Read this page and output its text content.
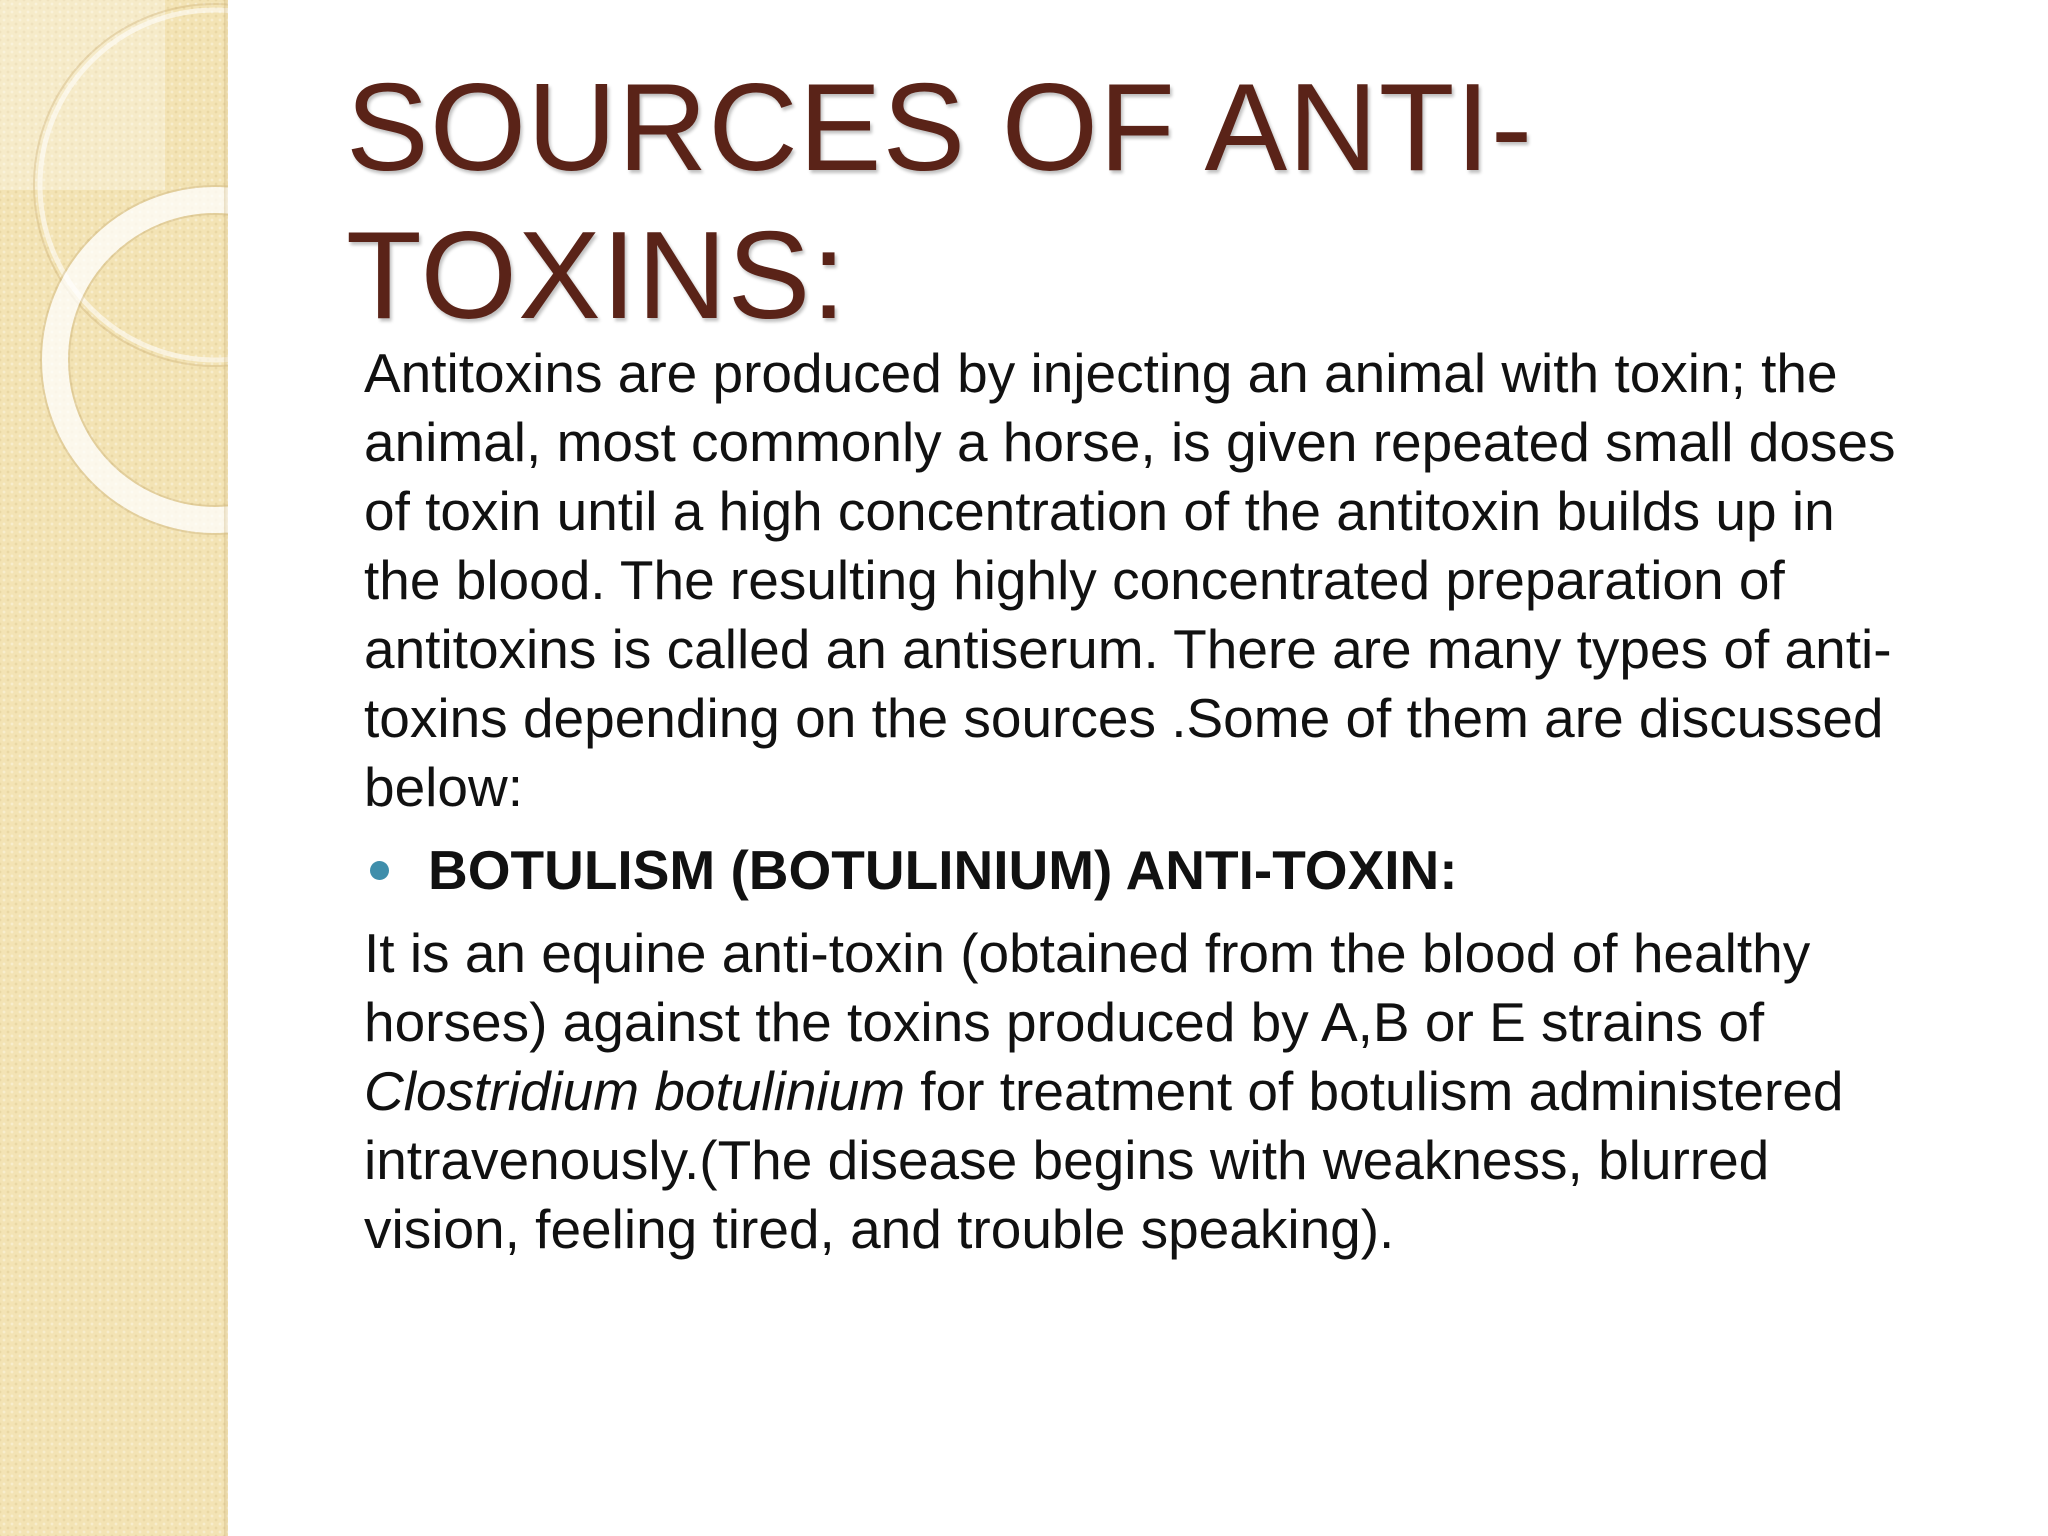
SOURCES OF ANTI-
TOXINS:

Antitoxins are produced by injecting an animal with toxin; the
animal, most commonly a horse, is given repeated small doses
of toxin until a high concentration of the antitoxin builds up in
the blood. The resulting highly concentrated preparation of
antitoxins is called an antiserum. There are many types of anti-
toxins depending on the sources .Some of them are discussed
below:

BOTULISM (BOTULINIUM) ANTI-TOXIN:

It is an equine anti-toxin (obtained from the blood of healthy
horses) against the toxins produced by A,B or E strains of
Clostridium botulinium for treatment of botulism administered
intravenously.(The disease begins with weakness, blurred
vision, feeling tired, and trouble speaking).
